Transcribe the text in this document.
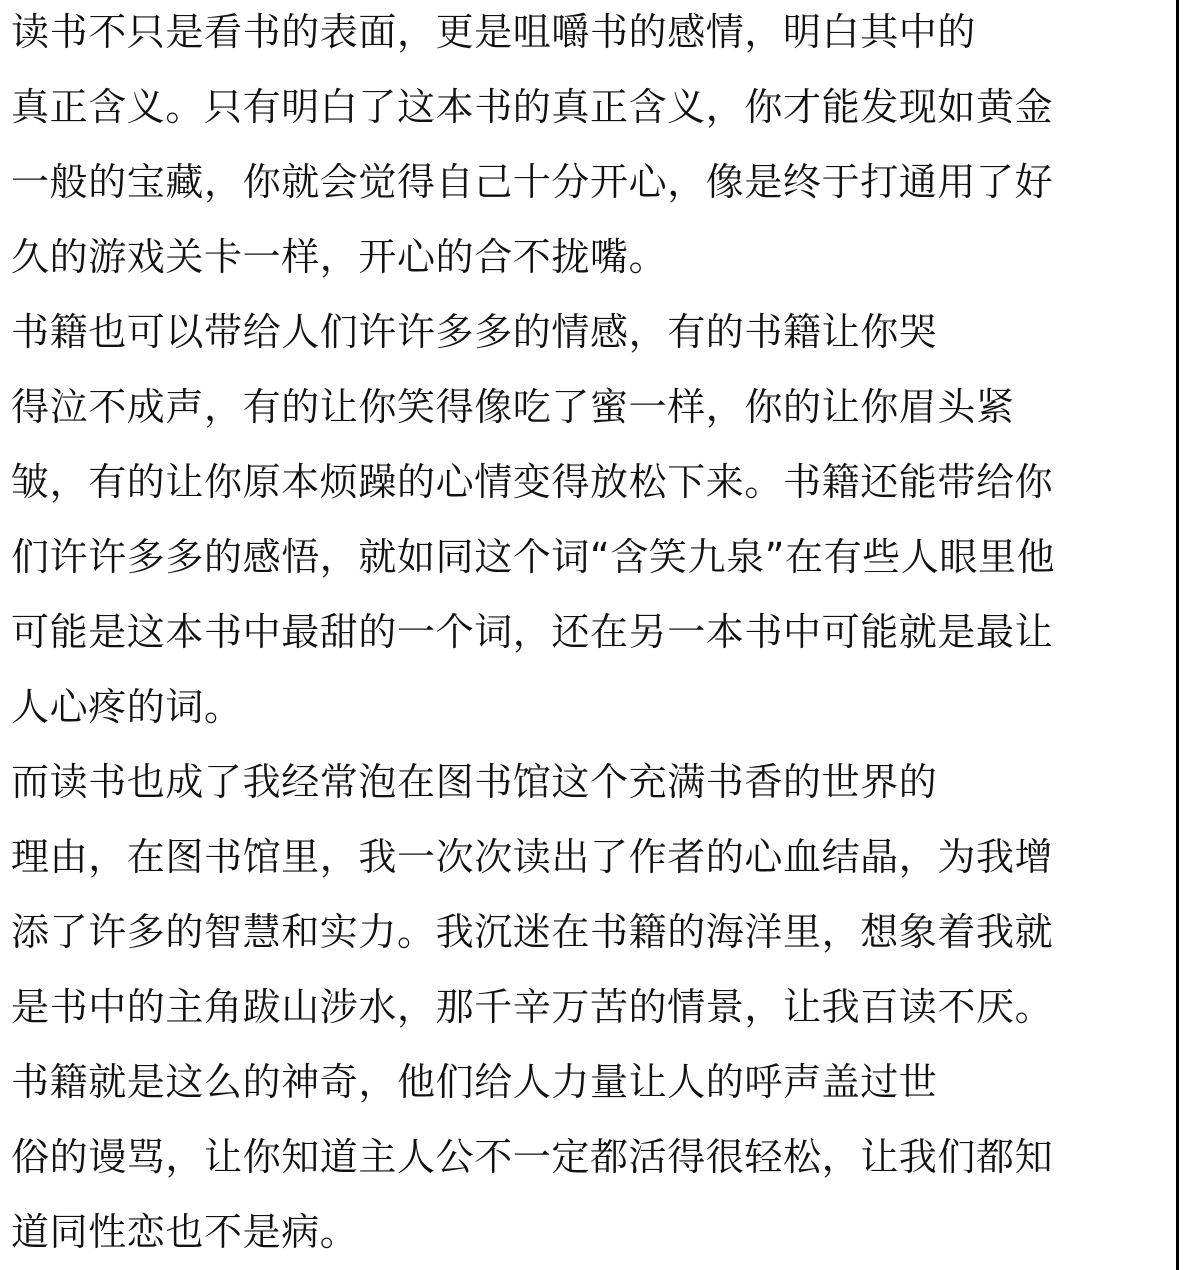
读书不只是看书的表面，更是咀嚼书的感情，明白其中的
真正含义。只有明白了这本书的真正含义，你才能发现如黄金
一般的宝藏，你就会觉得自己十分开心，像是终于打通用了好
久的游戏关卡一样，开心的合不拢嘴。
书籍也可以带给人们许许多多的情感，有的书籍让你哭
得泣不成声，有的让你笑得像吃了蜜一样，你的让你眉头紧
皱，有的让你原本烦躁的心情变得放松下来。书籍还能带给你
们许许多多的感悟，就如同这个词“含笑九泉”在有些人眼里他
可能是这本书中最甜的一个词，还在另一本书中可能就是最让
人心疼的词。
而读书也成了我经常泡在图书馆这个充满书香的世界的
理由，在图书馆里，我一次次读出了作者的心血结晶，为我增
添了许多的智慧和实力。我沉迷在书籍的海洋里，想象着我就
是书中的主角跋山涉水，那千辛万苦的情景，让我百读不厌。
书籍就是这么的神奇，他们给人力量让人的呼声盖过世
俗的谩骂，让你知道主人公不一定都活得很轻松，让我们都知
道同性恋也不是病。
